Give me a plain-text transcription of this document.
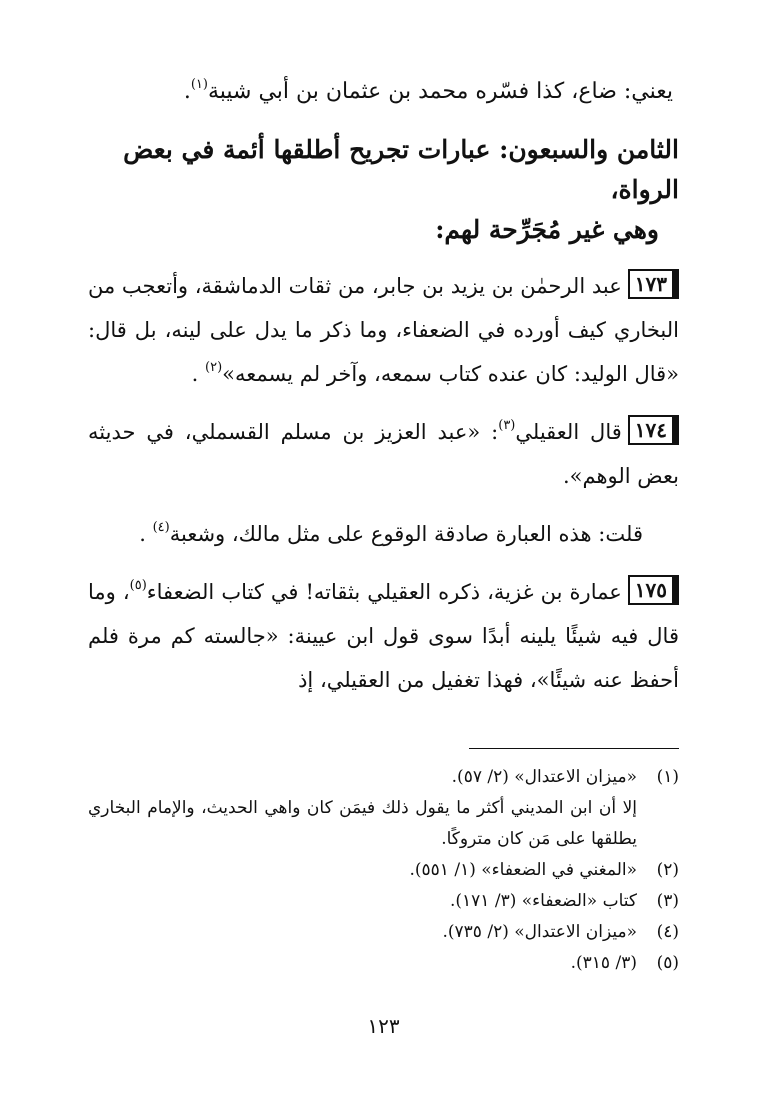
يعني: ضاع، كذا فسّره محمد بن عثمان بن أبي شيبة$^{(١)}$.

الثامن والسبعون: عبارات تجريح أطلقها أئمة في بعض الرواة،
وهي غير مُجَرِّحة لهم:

١٧٣عبد الرحمٰن بن يزيد بن جابر، من ثقات الدماشقة، وأتعجب من البخاري كيف أورده في الضعفاء، وما ذكر ما يدل على لينه، بل قال: «قال الوليد: كان عنده كتاب سمعه، وآخر لم يسمعه»$^{(٢)}$ .

١٧٤قال العقيلي$^{(٣)}$: «عبد العزيز بن مسلم القسملي، في حديثه بعض الوهم».

قلت: هذه العبارة صادقة الوقوع على مثل مالك، وشعبة$^{(٤)}$ .

١٧٥عمارة بن غزية، ذكره العقيلي بثقاته! في كتاب الضعفاء$^{(٥)}$، وما قال فيه شيئًا يلينه أبدًا سوى قول ابن عيينة: «جالسته كم مرة فلم أحفظ عنه شيئًا»، فهذا تغفيل من العقيلي، إذ

(١)
«ميزان الاعتدال» (٢/ ٥٧).
إلا أن ابن المديني أكثر ما يقول ذلك فيمَن كان واهي الحديث، والإمام البخاري يطلقها على مَن كان متروكًا.
(٢)
«المغني في الضعفاء» (١/ ٥٥١).
(٣)
كتاب «الضعفاء» (٣/ ١٧١).
(٤)
«ميزان الاعتدال» (٢/ ٧٣٥).
(٥)
(٣/ ٣١٥).
١٢٣
